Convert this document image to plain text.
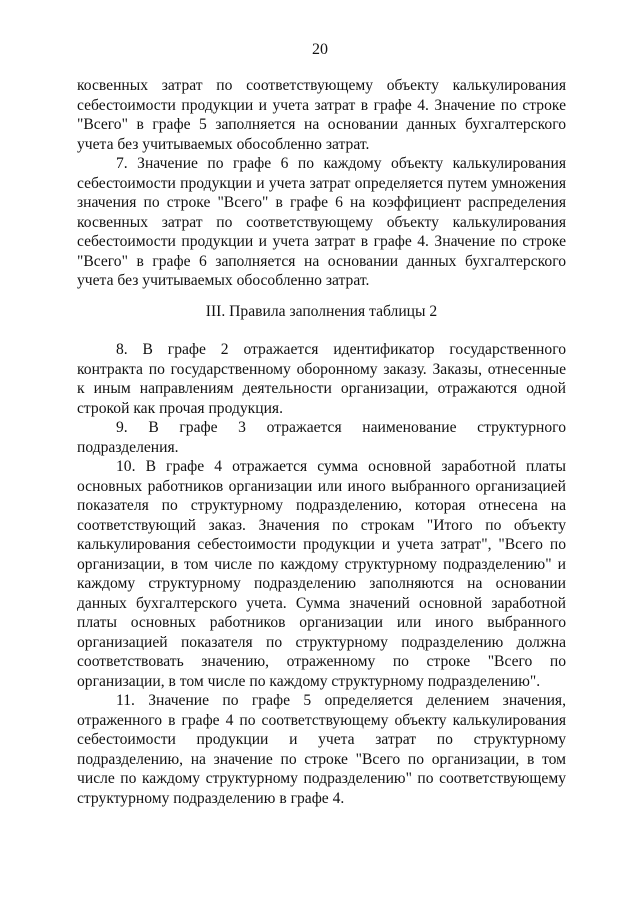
20

косвенных затрат по соответствующему объекту калькулирования себестоимости продукции и учета затрат в графе 4. Значение по строке "Всего" в графе 5 заполняется на основании данных бухгалтерского учета без учитываемых обособленно затрат.

7. Значение по графе 6 по каждому объекту калькулирования себестоимости продукции и учета затрат определяется путем умножения значения по строке "Всего" в графе 6 на коэффициент распределения косвенных затрат по соответствующему объекту калькулирования себестоимости продукции и учета затрат в графе 4. Значение по строке "Всего" в графе 6 заполняется на основании данных бухгалтерского учета без учитываемых обособленно затрат.

III. Правила заполнения таблицы 2

8. В графе 2 отражается идентификатор государственного контракта по государственному оборонному заказу. Заказы, отнесенные к иным направлениям деятельности организации, отражаются одной строкой как прочая продукция.

9. В графе 3 отражается наименование структурного подразделения.

10. В графе 4 отражается сумма основной заработной платы основных работников организации или иного выбранного организацией показателя по структурному подразделению, которая отнесена на соответствующий заказ. Значения по строкам "Итого по объекту калькулирования себестоимости продукции и учета затрат", "Всего по организации, в том числе по каждому структурному подразделению" и каждому структурному подразделению заполняются на основании данных бухгалтерского учета. Сумма значений основной заработной платы основных работников организации или иного выбранного организацией показателя по структурному подразделению должна соответствовать значению, отраженному по строке "Всего по организации, в том числе по каждому структурному подразделению".

11. Значение по графе 5 определяется делением значения, отраженного в графе 4 по соответствующему объекту калькулирования себестоимости продукции и учета затрат по структурному подразделению, на значение по строке "Всего по организации, в том числе по каждому структурному подразделению" по соответствующему структурному подразделению в графе 4.
